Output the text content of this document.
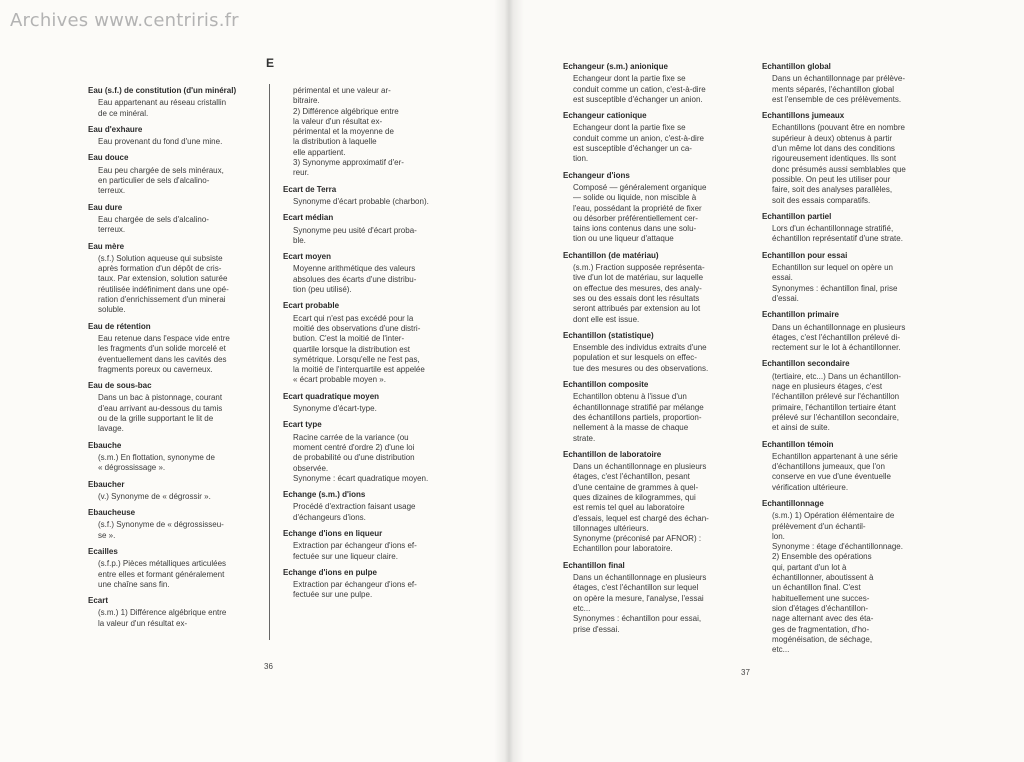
Archives www.centriris.fr
E
Eau (s.f.) de constitution (d'un minéral)
Eau appartenant au réseau cristallin
de ce minéral.
Eau d'exhaure
Eau provenant du fond d'une mine.
Eau douce
Eau peu chargée de sels minéraux,
en particulier de sels d'alcalino-
terreux.
Eau dure
Eau chargée de sels d'alcalino-
terreux.
Eau mère
(s.f.) Solution aqueuse qui subsiste
après formation d'un dépôt de cris-
taux. Par extension, solution saturée
réutilisée indéfiniment dans une opé-
ration d'enrichissement d'un minerai
soluble.
Eau de rétention
Eau retenue dans l'espace vide entre
les fragments d'un solide morcelé et
éventuellement dans les cavités des
fragments poreux ou caverneux.
Eau de sous-bac
Dans un bac à pistonnage, courant
d'eau arrivant au-dessous du tamis
ou de la grille supportant le lit de
lavage.
Ebauche
(s.m.) En flottation, synonyme de
« dégrossissage ».
Ebaucher
(v.) Synonyme de « dégrossir ».
Ebaucheuse
(s.f.) Synonyme de « dégrossisseu-
se ».
Ecailles
(s.f.p.) Pièces métalliques articulées
entre elles et formant généralement
une chaîne sans fin.
Ecart
(s.m.) 1) Différence algébrique entre
la valeur d'un résultat ex-
périmental et une valeur ar-
bitraire.
2) Différence algébrique entre
la valeur d'un résultat ex-
périmental et la moyenne de
la distribution à laquelle
elle appartient.
3) Synonyme approximatif d'er-
reur.
Ecart de Terra
Synonyme d'écart probable (charbon).
Ecart médian
Synonyme peu usité d'écart proba-
ble.
Ecart moyen
Moyenne arithmétique des valeurs
absolues des écarts d'une distribu-
tion (peu utilisé).
Ecart probable
Ecart qui n'est pas excédé pour la
moitié des observations d'une distri-
bution. C'est la moitié de l'inter-
quartile lorsque la distribution est
symétrique. Lorsqu'elle ne l'est pas,
la moitié de l'interquartile est appelée
« écart probable moyen ».
Ecart quadratique moyen
Synonyme d'écart-type.
Ecart type
Racine carrée de la variance (ou
moment centré d'ordre 2) d'une loi
de probabilité ou d'une distribution
observée.
Synonyme : écart quadratique moyen.
Echange (s.m.) d'ions
Procédé d'extraction faisant usage
d'échangeurs d'ions.
Echange d'ions en liqueur
Extraction par échangeur d'ions ef-
fectuée sur une liqueur claire.
Echange d'ions en pulpe
Extraction par échangeur d'ions ef-
fectuée sur une pulpe.
Echangeur (s.m.) anionique
Echangeur dont la partie fixe se
conduit comme un cation, c'est-à-dire
est susceptible d'échanger un anion.
Echangeur cationique
Echangeur dont la partie fixe se
conduit comme un anion, c'est-à-dire
est susceptible d'échanger un ca-
tion.
Echangeur d'ions
Composé — généralement organique
— solide ou liquide, non miscible à
l'eau, possédant la propriété de fixer
ou désorber préférentiellement cer-
tains ions contenus dans une solu-
tion ou une liqueur d'attaque
Echantillon (de matériau)
(s.m.) Fraction supposée représenta-
tive d'un lot de matériau, sur laquelle
on effectue des mesures, des analy-
ses ou des essais dont les résultats
seront attribués par extension au lot
dont elle est issue.
Echantillon (statistique)
Ensemble des individus extraits d'une
population et sur lesquels on effec-
tue des mesures ou des observations.
Echantillon composite
Echantillon obtenu à l'issue d'un
échantillonnage stratifié par mélange
des échantillons partiels, proportion-
nellement à la masse de chaque
strate.
Echantillon de laboratoire
Dans un échantillonnage en plusieurs
étages, c'est l'échantillon, pesant
d'une centaine de grammes à quel-
ques dizaines de kilogrammes, qui
est remis tel quel au laboratoire
d'essais, lequel est chargé des échan-
tillonnages ultérieurs.
Synonyme (préconisé par AFNOR) :
Echantillon pour laboratoire.
Echantillon final
Dans un échantillonnage en plusieurs
étages, c'est l'échantillon sur lequel
on opère la mesure, l'analyse, l'essai
etc...
Synonymes : échantillon pour essai,
prise d'essai.
Echantillon global
Dans un échantillonnage par prélève-
ments séparés, l'échantillon global
est l'ensemble de ces prélèvements.
Echantillons jumeaux
Echantillons (pouvant être en nombre
supérieur à deux) obtenus à partir
d'un même lot dans des conditions
rigoureusement identiques. Ils sont
donc présumés aussi semblables que
possible. On peut les utiliser pour
faire, soit des analyses parallèles,
soit des essais comparatifs.
Echantillon partiel
Lors d'un échantillonnage stratifié,
échantillon représentatif d'une strate.
Echantillon pour essai
Echantillon sur lequel on opère un
essai.
Synonymes : échantillon final, prise
d'essai.
Echantillon primaire
Dans un échantillonnage en plusieurs
étages, c'est l'échantillon prélevé di-
rectement sur le lot à échantillonner.
Echantillon secondaire
(tertiaire, etc...) Dans un échantillon-
nage en plusieurs étages, c'est
l'échantillon prélevé sur l'échantillon
primaire, l'échantillon tertiaire étant
prélevé sur l'échantillon secondaire,
et ainsi de suite.
Echantillon témoin
Echantillon appartenant à une série
d'échantillons jumeaux, que l'on
conserve en vue d'une éventuelle
vérification ultérieure.
Echantillonnage
(s.m.) 1) Opération élémentaire de
prélèvement d'un échantil-
lon.
Synonyme : étage d'échantillonnage.
2) Ensemble des opérations
qui, partant d'un lot à
échantillonner, aboutissent à
un échantillon final. C'est
habituellement une succes-
sion d'étages d'échantillon-
nage alternant avec des éta-
ges de fragmentation, d'ho-
mogénéisation, de séchage,
etc...
36
37
